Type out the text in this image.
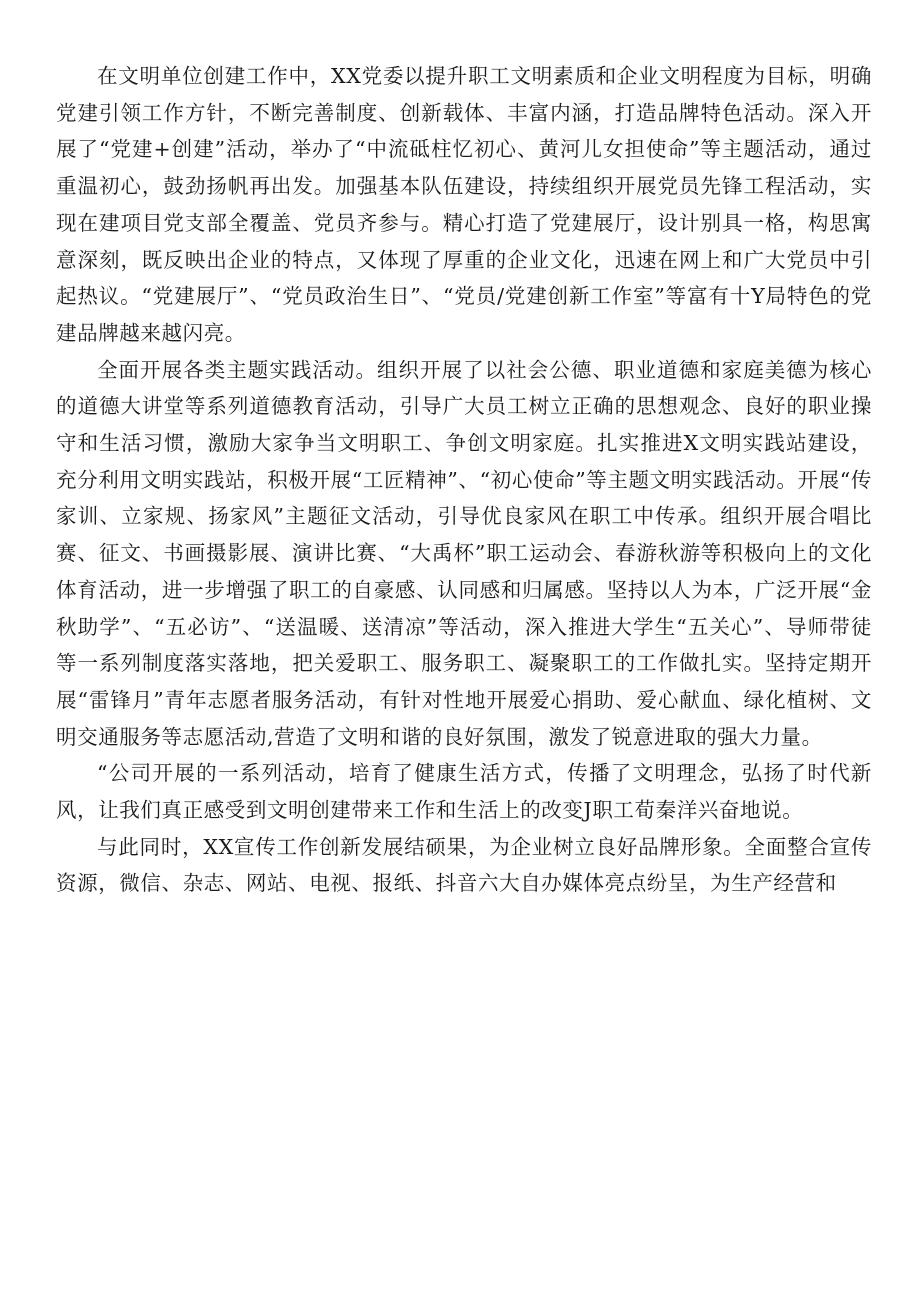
在文明单位创建工作中，XX党委以提升职工文明素质和企业文明程度为目标，明确党建引领工作方针，不断完善制度、创新载体、丰富内涵，打造品牌特色活动。深入开展了“党建+创建”活动，举办了“中流砥柱忆初心、黄河儿女担使命”等主题活动，通过重温初心，鼓劲扬帆再出发。加强基本队伍建设，持续组织开展党员先锋工程活动，实现在建项目党支部全覆盖、党员齐参与。精心打造了党建展厅，设计别具一格，构思寓意深刻，既反映出企业的特点，又体现了厚重的企业文化，迅速在网上和广大党员中引起热议。“党建展厅”、“党员政治生日”、“党员/党建创新工作室”等富有十Y局特色的党建品牌越来越闪亮。

全面开展各类主题实践活动。组织开展了以社会公德、职业道德和家庭美德为核心的道德大讲堂等系列道德教育活动，引导广大员工树立正确的思想观念、良好的职业操守和生活习惯，激励大家争当文明职工、争创文明家庭。扎实推进X文明实践站建设，充分利用文明实践站，积极开展“工匠精神”、“初心使命”等主题文明实践活动。开展“传家训、立家规、扬家风”主题征文活动，引导优良家风在职工中传承。组织开展合唱比赛、征文、书画摄影展、演讲比赛、“大禹杯”职工运动会、春游秋游等积极向上的文化体育活动，进一步增强了职工的自豪感、认同感和归属感。坚持以人为本，广泛开展“金秋助学”、“五必访”、“送温暖、送清凉”等活动，深入推进大学生“五关心”、导师带徒等一系列制度落实落地，把关爱职工、服务职工、凝聚职工的工作做扎实。坚持定期开展“雷锋月”青年志愿者服务活动，有针对性地开展爱心捐助、爱心献血、绿化植树、文明交通服务等志愿活动,营造了文明和谐的良好氛围，激发了锐意进取的强大力量。

“公司开展的一系列活动，培育了健康生活方式，传播了文明理念，弘扬了时代新风，让我们真正感受到文明创建带来工作和生活上的改变J职工荀秦洋兴奋地说。

与此同时，XX宣传工作创新发展结硕果，为企业树立良好品牌形象。全面整合宣传资源，微信、杂志、网站、电视、报纸、抖音六大自办媒体亮点纷呈，为生产经营和
